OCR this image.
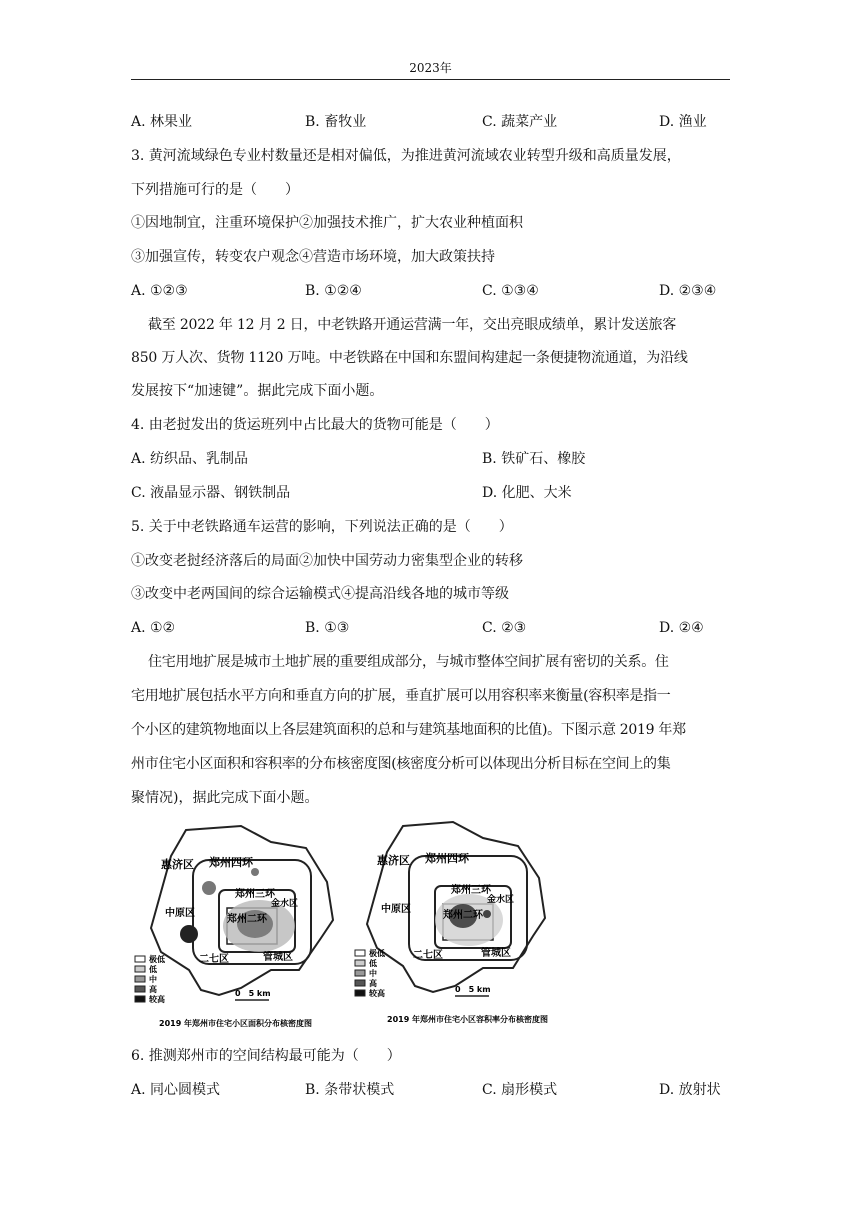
2023年
A. 林果业	B. 畜牧业	C. 蔬菜产业	D. 渔业
3. 黄河流域绿色专业村数量还是相对偏低，为推进黄河流域农业转型升级和高质量发展，
下列措施可行的是（　　）
①因地制宜，注重环境保护②加强技术推广，扩大农业种植面积
③加强宣传，转变农户观念④营造市场环境，加大政策扶持
A. ①②③	B. ①②④	C. ①③④	D. ②③④
截至 2022 年 12 月 2 日，中老铁路开通运营满一年，交出亮眼成绩单，累计发送旅客
850 万人次、货物 1120 万吨。中老铁路在中国和东盟间构建起一条便捷物流通道，为沿线
发展按下“加速键”。据此完成下面小题。
4. 由老挝发出的货运班列中占比最大的货物可能是（　　）
A. 纺织品、乳制品	B. 铁矿石、橡胶
C. 液晶显示器、钢铁制品	D. 化肥、大米
5. 关于中老铁路通车运营的影响，下列说法正确的是（　　）
①改变老挝经济落后的局面②加快中国劳动力密集型企业的转移
③改变中老两国间的综合运输模式④提高沿线各地的城市等级
A. ①②	B. ①③	C. ②③	D. ②④
住宅用地扩展是城市土地扩展的重要组成部分，与城市整体空间扩展有密切的关系。住
宅用地扩展包括水平方向和垂直方向的扩展，垂直扩展可以用容积率来衡量(容积率是指一
个小区的建筑物地面以上各层建筑面积的总和与建筑基地面积的比值)。下图示意 2019 年郑
州市住宅小区面积和容积率的分布核密度图(核密度分析可以体现出分析目标在空间上的集
聚情况)，据此完成下面小题。
惠济区 郑州四环
郑州三环
金水区
中原区
郑州二环
二七区	管城区
极低
低
中
高
较高
0　5 km
2019 年郑州市住宅小区面积分布核密度图
惠济区 郑州四环
郑州三环
金水区
中原区
郑州二环
二七区	管城区
极低
低
中
高
较高	0　5 km
2019 年郑州市住宅小区容积率分布核密度图
6. 推测郑州市的空间结构最可能为（　　）
A. 同心圆模式	B. 条带状模式	C. 扇形模式	D. 放射状
